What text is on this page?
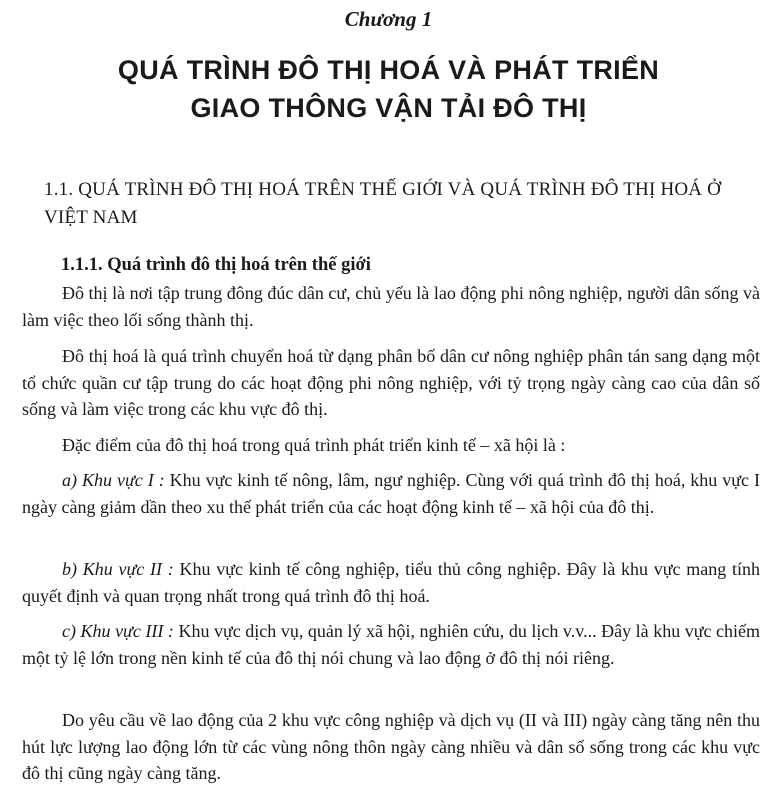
Chương 1
QUÁ TRÌNH ĐÔ THỊ HOÁ VÀ PHÁT TRIỂN
GIAO THÔNG VẬN TẢI ĐÔ THỊ
1.1. QUÁ TRÌNH ĐÔ THỊ HOÁ TRÊN THẾ GIỚI VÀ QUÁ TRÌNH ĐÔ THỊ HOÁ Ở VIỆT NAM
1.1.1. Quá trình đô thị hoá trên thế giới

Đô thị là nơi tập trung đông đúc dân cư, chủ yếu là lao động phi nông nghiệp, người dân sống và làm việc theo lối sống thành thị.

Đô thị hoá là quá trình chuyển hoá từ dạng phân bố dân cư nông nghiệp phân tán sang dạng một tổ chức quần cư tập trung do các hoạt động phi nông nghiệp, với tỷ trọng ngày càng cao của dân số sống và làm việc trong các khu vực đô thị.

Đặc điểm của đô thị hoá trong quá trình phát triển kinh tế – xã hội là :

a) Khu vực I : Khu vực kinh tế nông, lâm, ngư nghiệp. Cùng với quá trình đô thị hoá, khu vực I ngày càng giảm dần theo xu thế phát triển của các hoạt động kinh tế – xã hội của đô thị.

b) Khu vực II : Khu vực kinh tế công nghiệp, tiểu thủ công nghiệp. Đây là khu vực mang tính quyết định và quan trọng nhất trong quá trình đô thị hoá.

c) Khu vực III : Khu vực dịch vụ, quản lý xã hội, nghiên cứu, du lịch v.v... Đây là khu vực chiếm một tỷ lệ lớn trong nền kinh tế của đô thị nói chung và lao động ở đô thị nói riêng.

Do yêu cầu về lao động của 2 khu vực công nghiệp và dịch vụ (II và III) ngày càng tăng nên thu hút lực lượng lao động lớn từ các vùng nông thôn ngày càng nhiều và dân số sống trong các khu vực đô thị cũng ngày càng tăng.
